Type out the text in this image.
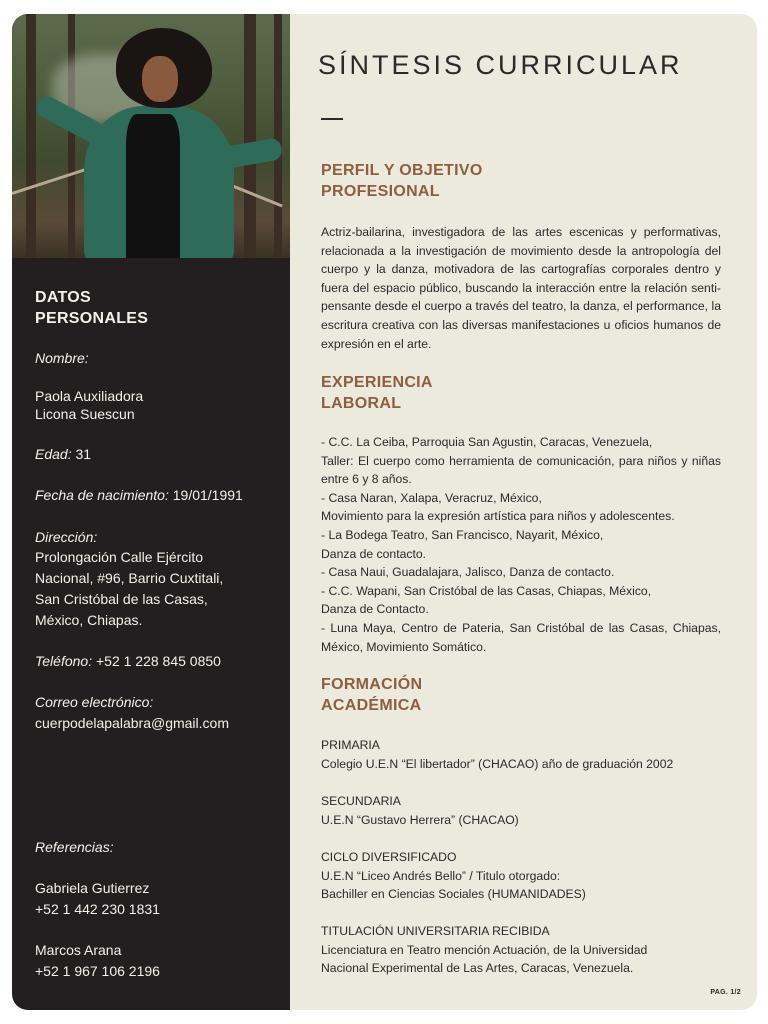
DATOS
PERSONALES
Nombre:
Paola Auxiliadora
Licona Suescun
Edad: 31
Fecha de nacimiento: 19/01/1991
Dirección:
Prolongación Calle Ejército
Nacional, #96, Barrio Cuxtitali,
San Cristóbal de las Casas,
México, Chiapas.
Teléfono: +52 1 228 845 0850
Correo electrónico:
cuerpodelapalabra@gmail.com
Referencias:
Gabriela Gutierrez
+52 1 442 230 1831
Marcos Arana
+52 1 967 106 2196
SÍNTESIS CURRICULAR
PERFIL Y OBJETIVO
PROFESIONAL
Actriz-bailarina, investigadora de las artes escenicas y performativas, relacionada a la investigación de movimiento desde la antropología del cuerpo y la danza, motivadora de las cartografías corporales dentro y fuera del espacio público, buscando la interacción entre la relación senti-pensante desde el cuerpo a través del teatro, la danza, el performance, la escritura creativa con las diversas manifestaciones u oficios humanos de expresión en el arte.
EXPERIENCIA
LABORAL
- C.C. La Ceiba, Parroquia San Agustin, Caracas, Venezuela,
Taller: El cuerpo como herramienta de comunicación, para niños y niñas entre 6 y 8 años.
- Casa Naran, Xalapa, Veracruz, México,
Movimiento para la expresión artística para niños y adolescentes.
- La Bodega Teatro, San Francisco, Nayarit, México,
Danza de contacto.
- Casa Naui, Guadalajara, Jalisco, Danza de contacto.
- C.C. Wapani, San Cristóbal de las Casas, Chiapas, México,
Danza de Contacto.
- Luna Maya, Centro de Pateria, San Cristóbal de las Casas, Chiapas, México, Movimiento Somático.
FORMACIÓN
ACADÉMICA
PRIMARIA
Colegio U.E.N “El libertador” (CHACAO) año de graduación 2002
SECUNDARIA
U.E.N “Gustavo Herrera” (CHACAO)
CICLO DIVERSIFICADO
U.E.N “Liceo Andrés Bello” / Titulo otorgado:
Bachiller en Ciencias Sociales (HUMANIDADES)
TITULACIÓN UNIVERSITARIA RECIBIDA
Licenciatura en Teatro mención Actuación, de la Universidad
Nacional Experimental de Las Artes, Caracas, Venezuela.
PAG. 1/2
